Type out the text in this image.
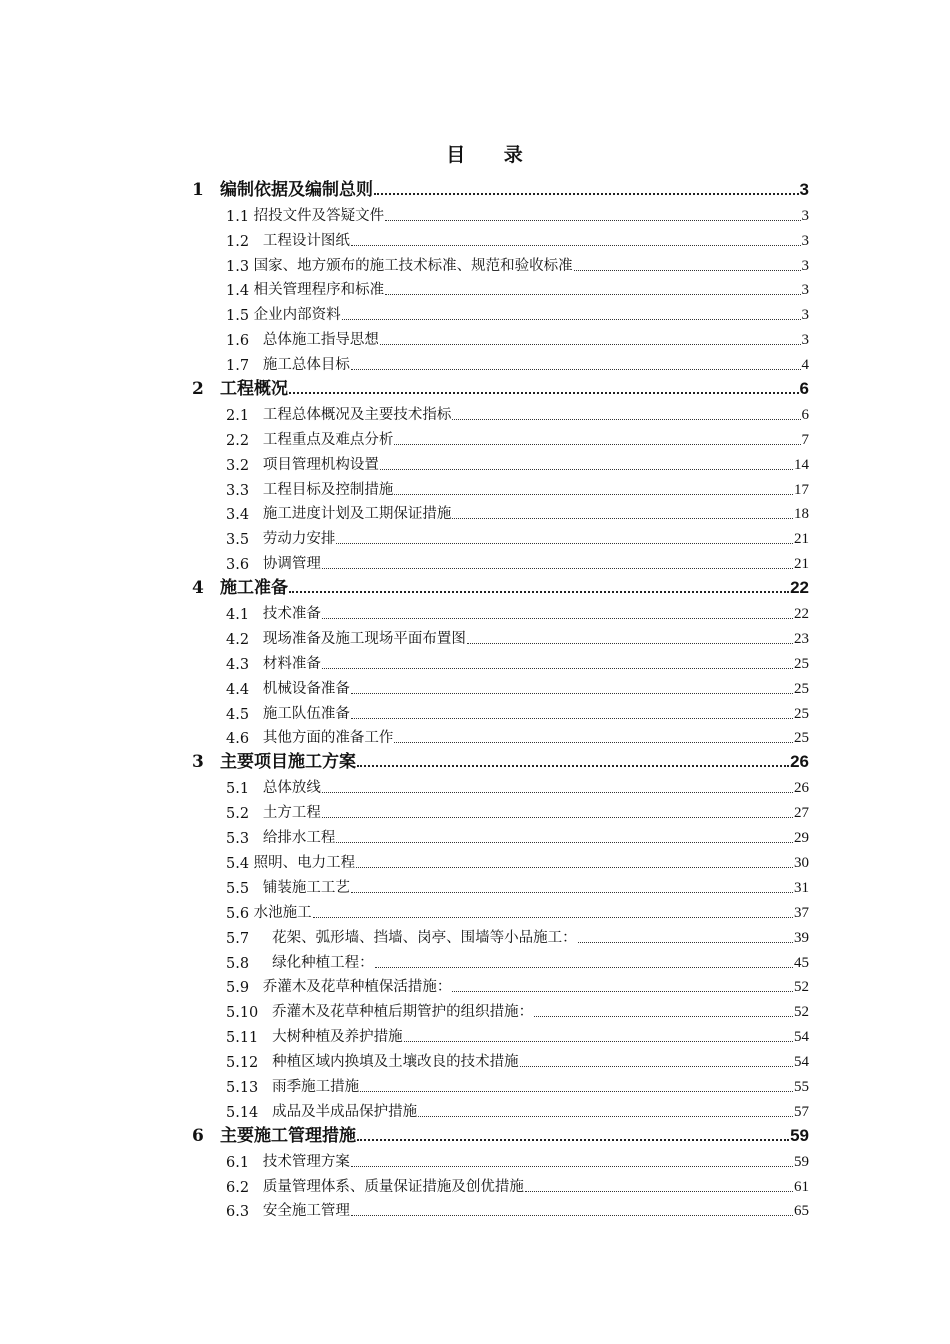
目 录
1 编制依据及编制总则	3
1.1 招投文件及答疑文件	3
1.2 工程设计图纸	3
1.3 国家、地方颁布的施工技术标准、规范和验收标准	3
1.4 相关管理程序和标准	3
1.5 企业内部资料	3
1.6 总体施工指导思想	3
1.7 施工总体目标	4
2 工程概况	6
2.1 工程总体概况及主要技术指标	6
2.2 工程重点及难点分析	7
3.2 项目管理机构设置	14
3.3 工程目标及控制措施	17
3.4 施工进度计划及工期保证措施	18
3.5 劳动力安排	21
3.6 协调管理	21
4 施工准备	22
4.1 技术准备	22
4.2 现场准备及施工现场平面布置图	23
4.3 材料准备	25
4.4 机械设备准备	25
4.5 施工队伍准备	25
4.6 其他方面的准备工作	25
3 主要项目施工方案	26
5.1 总体放线	26
5.2 土方工程	27
5.3 给排水工程	29
5.4 照明、电力工程	30
5.5 铺装施工工艺	31
5.6 水池施工	37
5.7 花架、弧形墙、挡墙、岗亭、围墙等小品施工：	39
5.8 绿化种植工程：	45
5.9 乔灌木及花草种植保活措施：	52
5.10 乔灌木及花草种植后期管护的组织措施：	52
5.11 大树种植及养护措施	54
5.12 种植区域内换填及土壤改良的技术措施	54
5.13 雨季施工措施	55
5.14 成品及半成品保护措施	57
6 主要施工管理措施	59
6.1 技术管理方案	59
6.2 质量管理体系、质量保证措施及创优措施	61
6.3 安全施工管理	65
